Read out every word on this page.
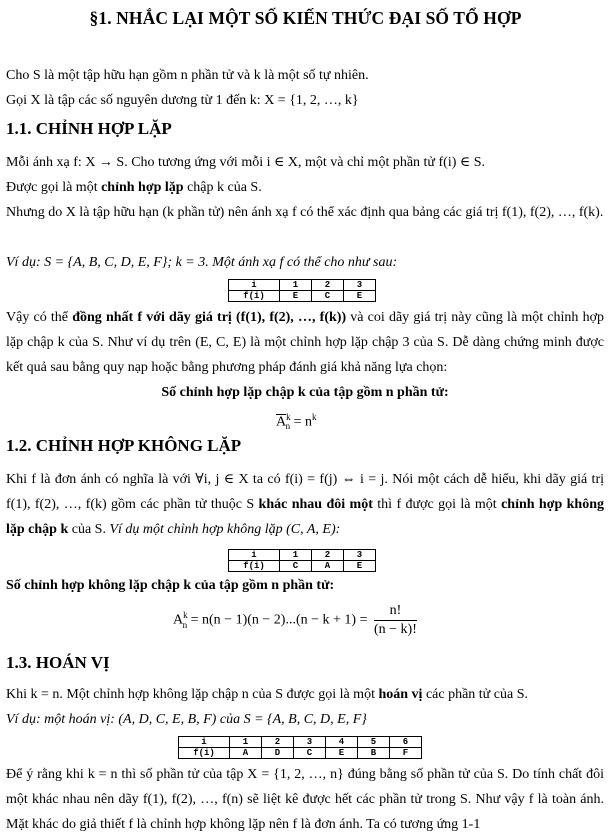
§1. NHẮC LẠI MỘT SỐ KIẾN THỨC ĐẠI SỐ TỔ HỢP
Cho S là một tập hữu hạn gồm n phần tử và k là một số tự nhiên.
Gọi X là tập các số nguyên dương từ 1 đến k: X = {1, 2, …, k}
1.1. CHỈNH HỢP LẶP
Mỗi ánh xạ f: X → S. Cho tương ứng với mỗi i ∈ X, một và chỉ một phần tử f(i) ∈ S.
Được gọi là một chỉnh hợp lặp chập k của S.
Nhưng do X là tập hữu hạn (k phần tử) nên ánh xạ f có thể xác định qua bảng các giá trị f(1), f(2), …, f(k).
Ví dụ: S = {A, B, C, D, E, F}; k = 3. Một ánh xạ f có thể cho như sau:
i	1	2	3
f(i)	E	C	E
Vậy có thể đồng nhất f với dãy giá trị (f(1), f(2), …, f(k)) và coi dãy giá trị này cũng là một chỉnh hợp lặp chập k của S. Như ví dụ trên (E, C, E) là một chỉnh hợp lặp chập 3 của S. Dễ dàng chứng minh được kết quả sau bằng quy nạp hoặc bằng phương pháp đánh giá khả năng lựa chọn:
Số chỉnh hợp lặp chập k của tập gồm n phần tử:
$\overline{A}^k_n = n^k$
1.2. CHỈNH HỢP KHÔNG LẶP
Khi f là đơn ánh có nghĩa là với ∀i, j ∈ X ta có f(i) = f(j) ⇔ i = j. Nói một cách dễ hiểu, khi dãy giá trị f(1), f(2), …, f(k) gồm các phần tử thuộc S khác nhau đôi một thì f được gọi là một chỉnh hợp không lặp chập k của S. Ví dụ một chỉnh hợp không lặp (C, A, E):
i	1	2	3
f(i)	C	A	E
Số chỉnh hợp không lặp chập k của tập gồm n phần tử:
$A^k_n = n(n - 1)(n - 2)...(n - k + 1) = \frac{n!}{(n - k)!}$
1.3. HOÁN VỊ
Khi k = n. Một chỉnh hợp không lặp chập n của S được gọi là một hoán vị các phần tử của S.
Ví dụ: một hoán vị: (A, D, C, E, B, F) của S = {A, B, C, D, E, F}
i	1	2	3	4	5	6
f(i)	A	D	C	E	B	F
Để ý rằng khi k = n thì số phần tử của tập X = {1, 2, …, n} đúng bằng số phần tử của S. Do tính chất đôi một khác nhau nên dãy f(1), f(2), …, f(n) sẽ liệt kê được hết các phần tử trong S. Như vậy f là toàn ánh. Mặt khác do giả thiết f là chỉnh hợp không lặp nên f là đơn ánh. Ta có tương ứng 1-1
